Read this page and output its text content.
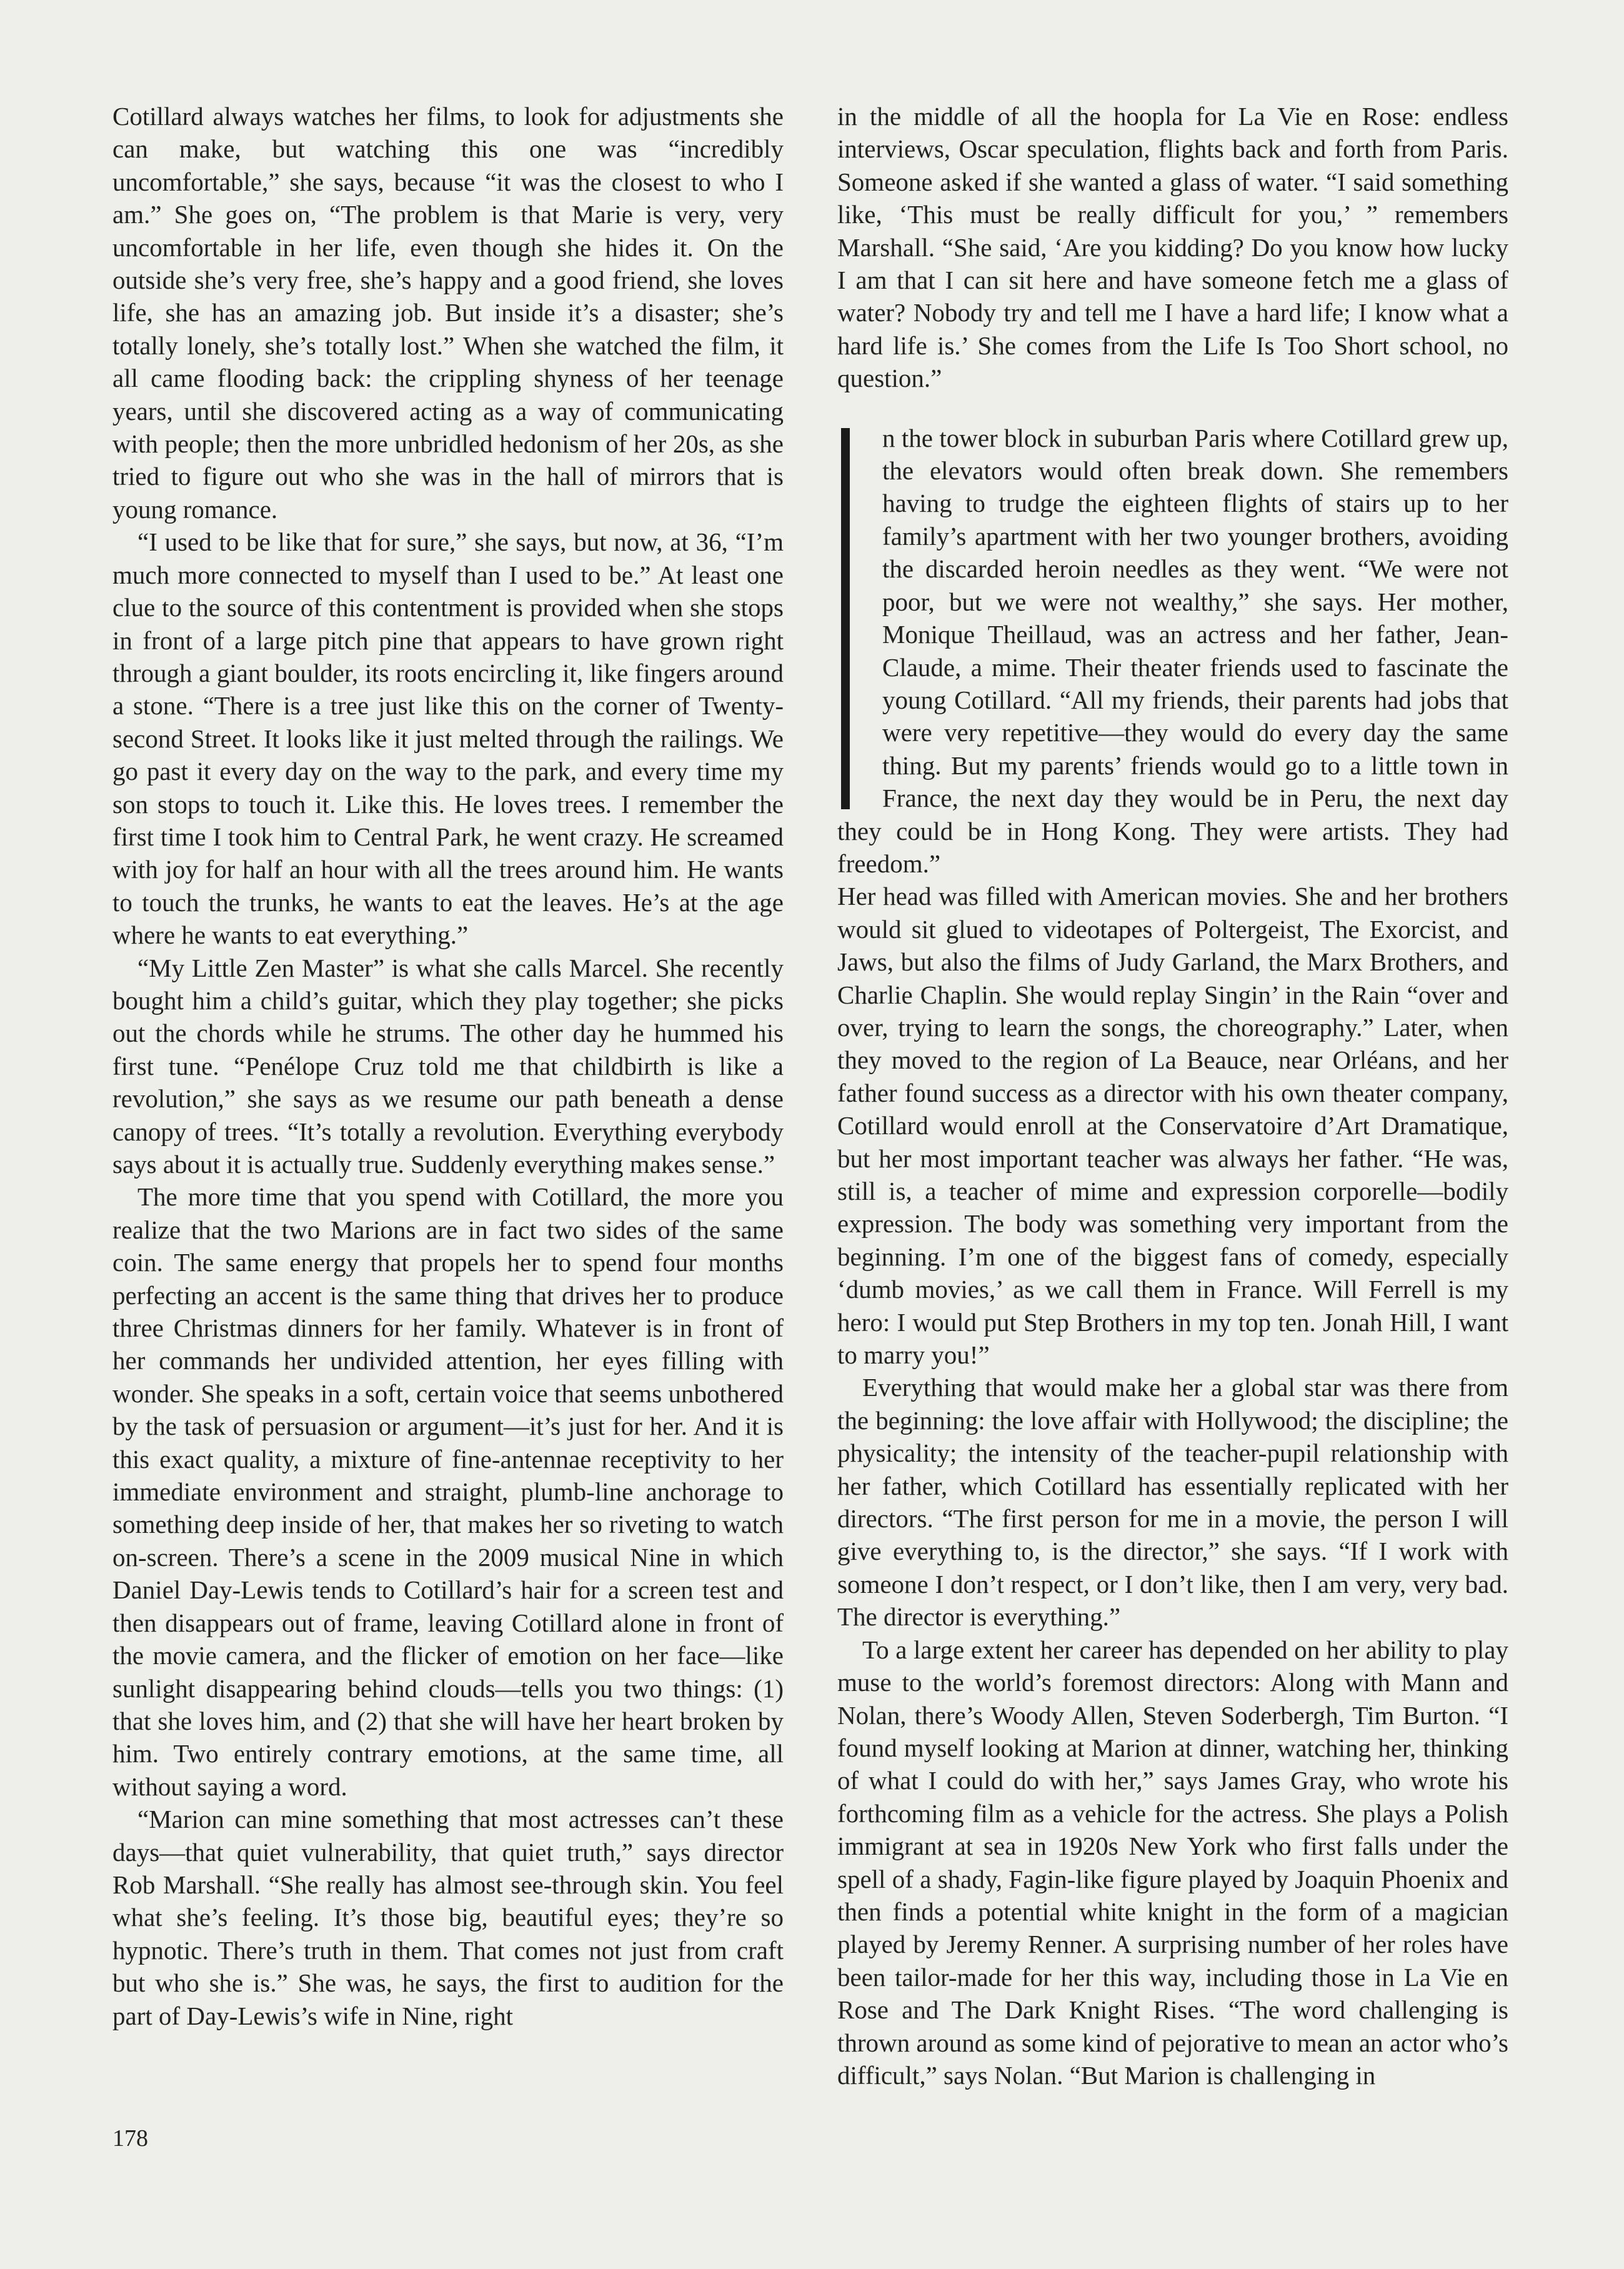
Cotillard always watches her films, to look for adjustments she can make, but watching this one was “incredibly uncomfortable,” she says, because “it was the closest to who I am.” She goes on, “The problem is that Marie is very, very uncomfortable in her life, even though she hides it. On the outside she’s very free, she’s happy and a good friend, she loves life, she has an amazing job. But inside it’s a disaster; she’s totally lonely, she’s totally lost.” When she watched the film, it all came flooding back: the crippling shyness of her teenage years, until she discovered acting as a way of communicating with people; then the more unbridled hedonism of her 20s, as she tried to figure out who she was in the hall of mirrors that is young romance.

“I used to be like that for sure,” she says, but now, at 36, “I’m much more connected to myself than I used to be.” At least one clue to the source of this contentment is provided when she stops in front of a large pitch pine that appears to have grown right through a giant boulder, its roots encircling it, like fingers around a stone. “There is a tree just like this on the corner of Twenty-second Street. It looks like it just melted through the railings. We go past it every day on the way to the park, and every time my son stops to touch it. Like this. He loves trees. I remember the first time I took him to Central Park, he went crazy. He screamed with joy for half an hour with all the trees around him. He wants to touch the trunks, he wants to eat the leaves. He’s at the age where he wants to eat everything.”

“My Little Zen Master” is what she calls Marcel. She recently bought him a child’s guitar, which they play together; she picks out the chords while he strums. The other day he hummed his first tune. “Penélope Cruz told me that childbirth is like a revolution,” she says as we resume our path beneath a dense canopy of trees. “It’s totally a revolution. Everything everybody says about it is actually true. Suddenly everything makes sense.”

The more time that you spend with Cotillard, the more you realize that the two Marions are in fact two sides of the same coin. The same energy that propels her to spend four months perfecting an accent is the same thing that drives her to produce three Christmas dinners for her family. Whatever is in front of her commands her undivided attention, her eyes filling with wonder. She speaks in a soft, certain voice that seems unbothered by the task of persuasion or argument—it’s just for her. And it is this exact quality, a mixture of fine-antennae receptivity to her immediate environment and straight, plumb-line anchorage to something deep inside of her, that makes her so riveting to watch on-screen. There’s a scene in the 2009 musical Nine in which Daniel Day-Lewis tends to Cotillard’s hair for a screen test and then disappears out of frame, leaving Cotillard alone in front of the movie camera, and the flicker of emotion on her face—like sunlight disappearing behind clouds—tells you two things: (1) that she loves him, and (2) that she will have her heart broken by him. Two entirely contrary emotions, at the same time, all without saying a word.

“Marion can mine something that most actresses can’t these days—that quiet vulnerability, that quiet truth,” says director Rob Marshall. “She really has almost see-through skin. You feel what she’s feeling. It’s those big, beautiful eyes; they’re so hypnotic. There’s truth in them. That comes not just from craft but who she is.” She was, he says, the first to audition for the part of Day-Lewis’s wife in Nine, right

in the middle of all the hoopla for La Vie en Rose: endless interviews, Oscar speculation, flights back and forth from Paris. Someone asked if she wanted a glass of water. “I said something like, ‘This must be really difficult for you,’ ” remembers Marshall. “She said, ‘Are you kidding? Do you know how lucky I am that I can sit here and have someone fetch me a glass of water? Nobody try and tell me I have a hard life; I know what a hard life is.’ She comes from the Life Is Too Short school, no question.”

n the tower block in suburban Paris where Cotillard grew up, the elevators would often break down. She remembers having to trudge the eighteen flights of stairs up to her family’s apartment with her two younger brothers, avoiding the discarded heroin needles as they went. “We were not poor, but we were not wealthy,” she says. Her mother, Monique Theillaud, was an actress and her father, Jean-Claude, a mime. Their theater friends used to fascinate the young Cotillard. “All my friends, their parents had jobs that were very repetitive—they would do every day the same thing. But my parents’ friends would go to a little town in France, the next day they would be in Peru, the next day they could be in Hong Kong. They were artists. They had freedom.”

Her head was filled with American movies. She and her brothers would sit glued to videotapes of Poltergeist, The Exorcist, and Jaws, but also the films of Judy Garland, the Marx Brothers, and Charlie Chaplin. She would replay Singin’ in the Rain “over and over, trying to learn the songs, the choreography.” Later, when they moved to the region of La Beauce, near Orléans, and her father found success as a director with his own theater company, Cotillard would enroll at the Conservatoire d’Art Dramatique, but her most important teacher was always her father. “He was, still is, a teacher of mime and expression corporelle—bodily expression. The body was something very important from the beginning. I’m one of the biggest fans of comedy, especially ‘dumb movies,’ as we call them in France. Will Ferrell is my hero: I would put Step Brothers in my top ten. Jonah Hill, I want to marry you!”

Everything that would make her a global star was there from the beginning: the love affair with Hollywood; the discipline; the physicality; the intensity of the teacher-pupil relationship with her father, which Cotillard has essentially replicated with her directors. “The first person for me in a movie, the person I will give everything to, is the director,” she says. “If I work with someone I don’t respect, or I don’t like, then I am very, very bad. The director is everything.”

To a large extent her career has depended on her ability to play muse to the world’s foremost directors: Along with Mann and Nolan, there’s Woody Allen, Steven Soderbergh, Tim Burton. “I found myself looking at Marion at dinner, watching her, thinking of what I could do with her,” says James Gray, who wrote his forthcoming film as a vehicle for the actress. She plays a Polish immigrant at sea in 1920s New York who first falls under the spell of a shady, Fagin-like figure played by Joaquin Phoenix and then finds a potential white knight in the form of a magician played by Jeremy Renner. A surprising number of her roles have been tailor-made for her this way, including those in La Vie en Rose and The Dark Knight Rises. “The word challenging is thrown around as some kind of pejorative to mean an actor who’s difficult,” says Nolan. “But Marion is challenging in

178
